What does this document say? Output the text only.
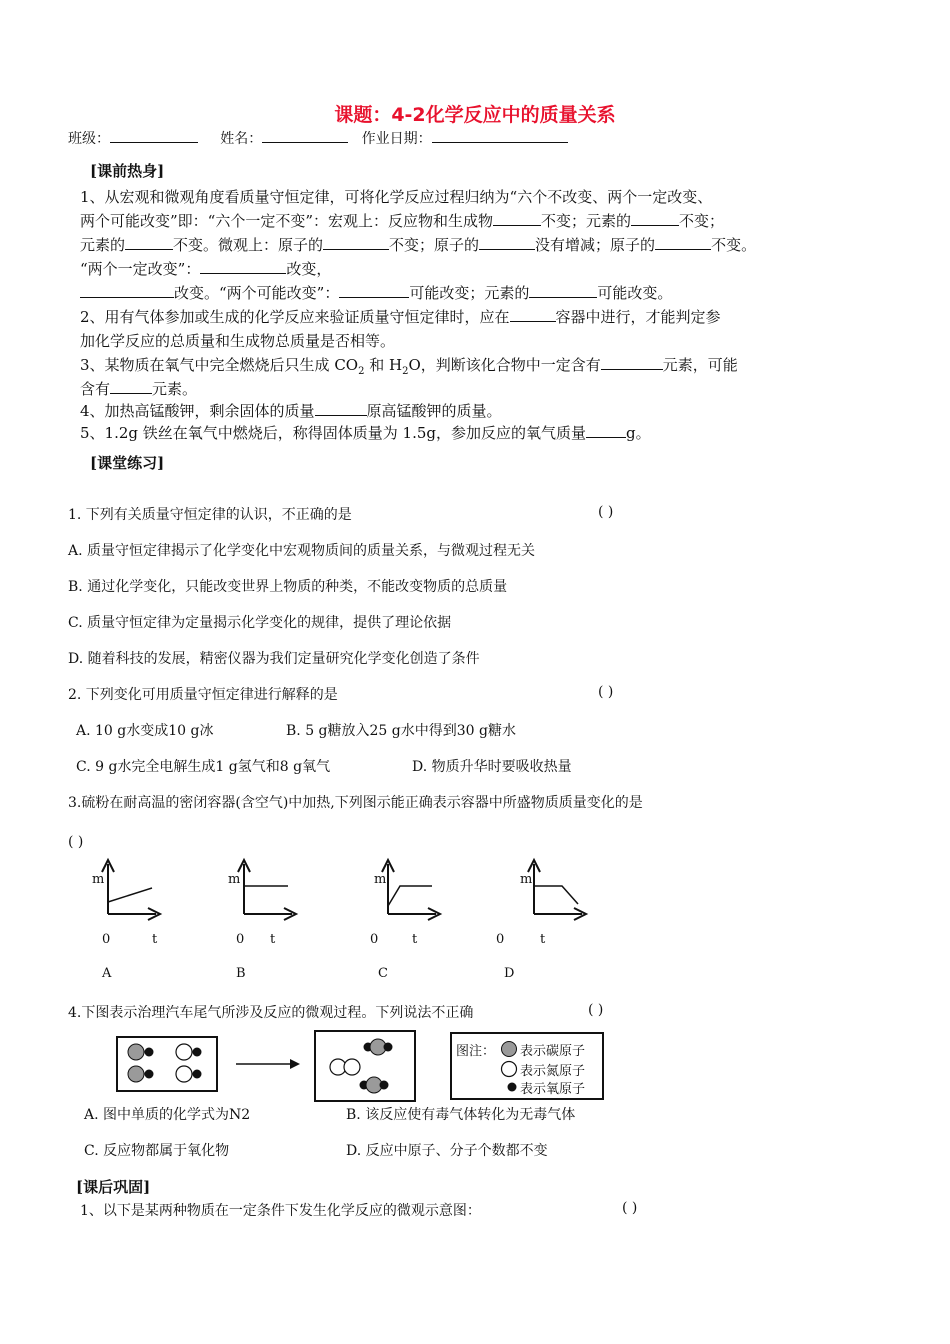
课题：4-2化学反应中的质量关系
班级：	姓名：	作业日期：
[课前热身]
1、从宏观和微观角度看质量守恒定律，可将化学反应过程归纳为“六个不改变、两个一定改变、
两个可能改变”即：“六个一定不变”：宏观上：反应物和生成物	不变；元素的	不变；
元素的	不变。微观上：原子的	不变；原子的	没有增减；原子的	不变。
“两个一定改变”：	改变，
改变。“两个可能改变”：	可能改变；元素的	可能改变。
2、用有气体参加或生成的化学反应来验证质量守恒定律时，应在	容器中进行，才能判定参
加化学反应的总质量和生成物总质量是否相等。
3、某物质在氧气中完全燃烧后只生成 $CO_2$ 和 $H_2O$，判断该化合物中一定含有	元素，可能
含有	元素。
4、加热高锰酸钾，剩余固体的质量	原高锰酸钾的质量。
5、1.2g 铁丝在氧气中燃烧后，称得固体质量为 1.5g，参加反应的氧气质量	g。
[课堂练习]
1. 下列有关质量守恒定律的认识，不正确的是	( )
A. 质量守恒定律揭示了化学变化中宏观物质间的质量关系，与微观过程无关
B. 通过化学变化，只能改变世界上物质的种类，不能改变物质的总质量
C. 质量守恒定律为定量揭示化学变化的规律，提供了理论依据
D. 随着科技的发展，精密仪器为我们定量研究化学变化创造了条件
2. 下列变化可用质量守恒定律进行解释的是	( )
A. 10 g水变成10 g冰	B. 5 g糖放入25 g水中得到30 g糖水
C. 9 g水完全电解生成1 g氢气和8 g氧气	D. 物质升华时要吸收热量
3.硫粉在耐高温的密闭容器(含空气)中加热,下列图示能正确表示容器中所盛物质质量变化的是
( )
m
0	t
A
m
0 t
B
m
0	t
C
m
0	t
D
4.下图表示治理汽车尾气所涉及反应的微观过程。下列说法不正确	( )
图注： 表示碳原子
表示氮原子
表示氧原子
A. 图中单质的化学式为N2	B. 该反应使有毒气体转化为无毒气体
C. 反应物都属于氧化物	D. 反应中原子、分子个数都不变
[课后巩固]
1、以下是某两种物质在一定条件下发生化学反应的微观示意图：	( )
